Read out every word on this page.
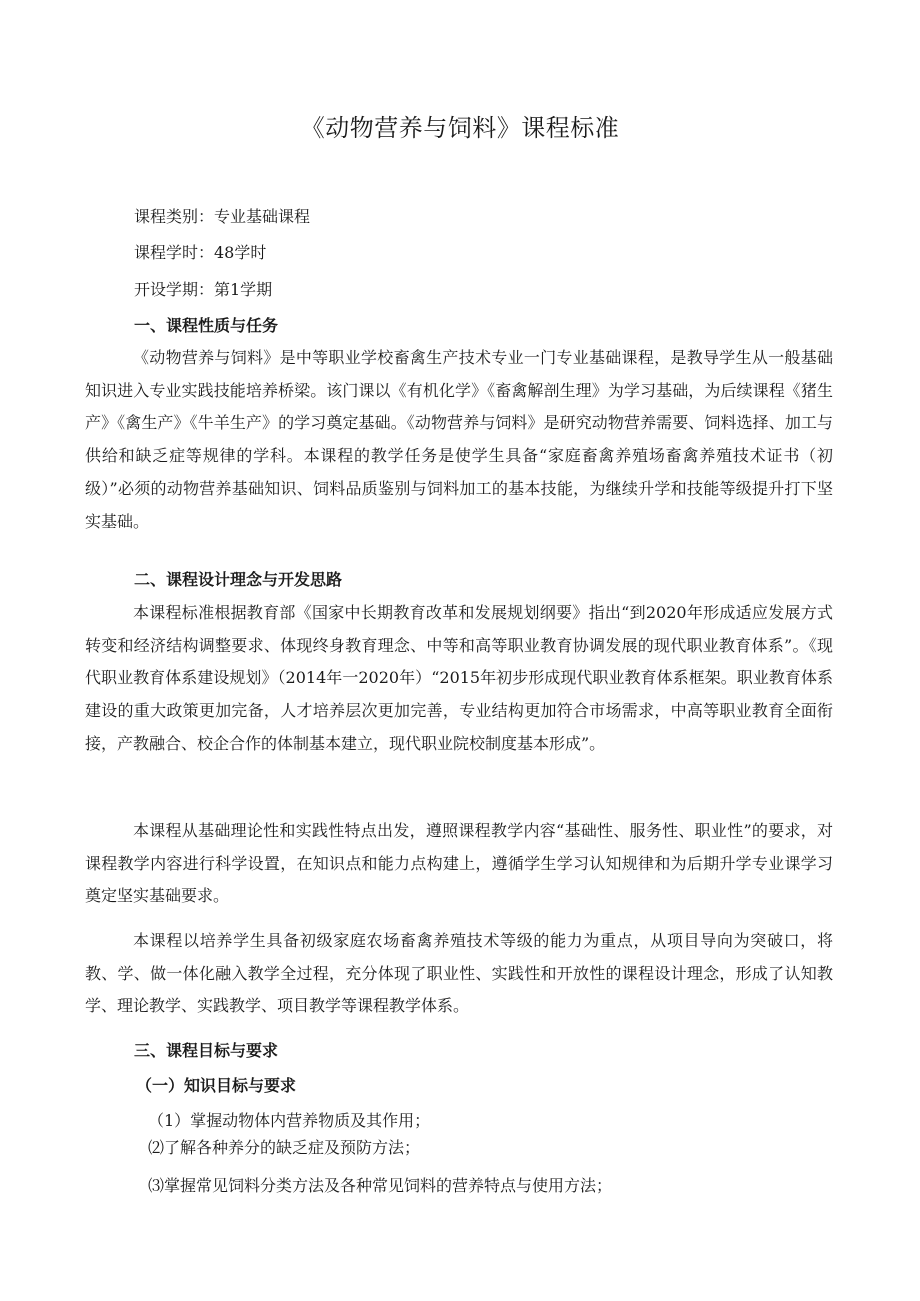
《动物营养与饲料》课程标准

课程类别：专业基础课程

课程学时：48学时

开设学期：第1学期

一、课程性质与任务

《动物营养与饲料》是中等职业学校畜禽生产技术专业一门专业基础课程，是教导学生从一般基础知识进入专业实践技能培养桥梁。该门课以《有机化学》《畜禽解剖生理》为学习基础，为后续课程《猪生产》《禽生产》《牛羊生产》的学习奠定基础。《动物营养与饲料》是研究动物营养需要、饲料选择、加工与供给和缺乏症等规律的学科。本课程的教学任务是使学生具备“家庭畜禽养殖场畜禽养殖技术证书（初级）”必须的动物营养基础知识、饲料品质鉴别与饲料加工的基本技能，为继续升学和技能等级提升打下坚实基础。

二、课程设计理念与开发思路

本课程标准根据教育部《国家中长期教育改革和发展规划纲要》指出“到2020年形成适应发展方式转变和经济结构调整要求、体现终身教育理念、中等和高等职业教育协调发展的现代职业教育体系”。《现代职业教育体系建设规划》（2014年一2020年）“2015年初步形成现代职业教育体系框架。职业教育体系建设的重大政策更加完备，人才培养层次更加完善，专业结构更加符合市场需求，中高等职业教育全面衔接，产教融合、校企合作的体制基本建立，现代职业院校制度基本形成”。

本课程从基础理论性和实践性特点出发，遵照课程教学内容“基础性、服务性、职业性”的要求，对课程教学内容进行科学设置，在知识点和能力点构建上，遵循学生学习认知规律和为后期升学专业课学习奠定坚实基础要求。

本课程以培养学生具备初级家庭农场畜禽养殖技术等级的能力为重点，从项目导向为突破口，将教、学、做一体化融入教学全过程，充分体现了职业性、实践性和开放性的课程设计理念，形成了认知教学、理论教学、实践教学、项目教学等课程教学体系。

三、课程目标与要求

（一）知识目标与要求

（1）掌握动物体内营养物质及其作用；

⑵了解各种养分的缺乏症及预防方法；

⑶掌握常见饲料分类方法及各种常见饲料的营养特点与使用方法；
